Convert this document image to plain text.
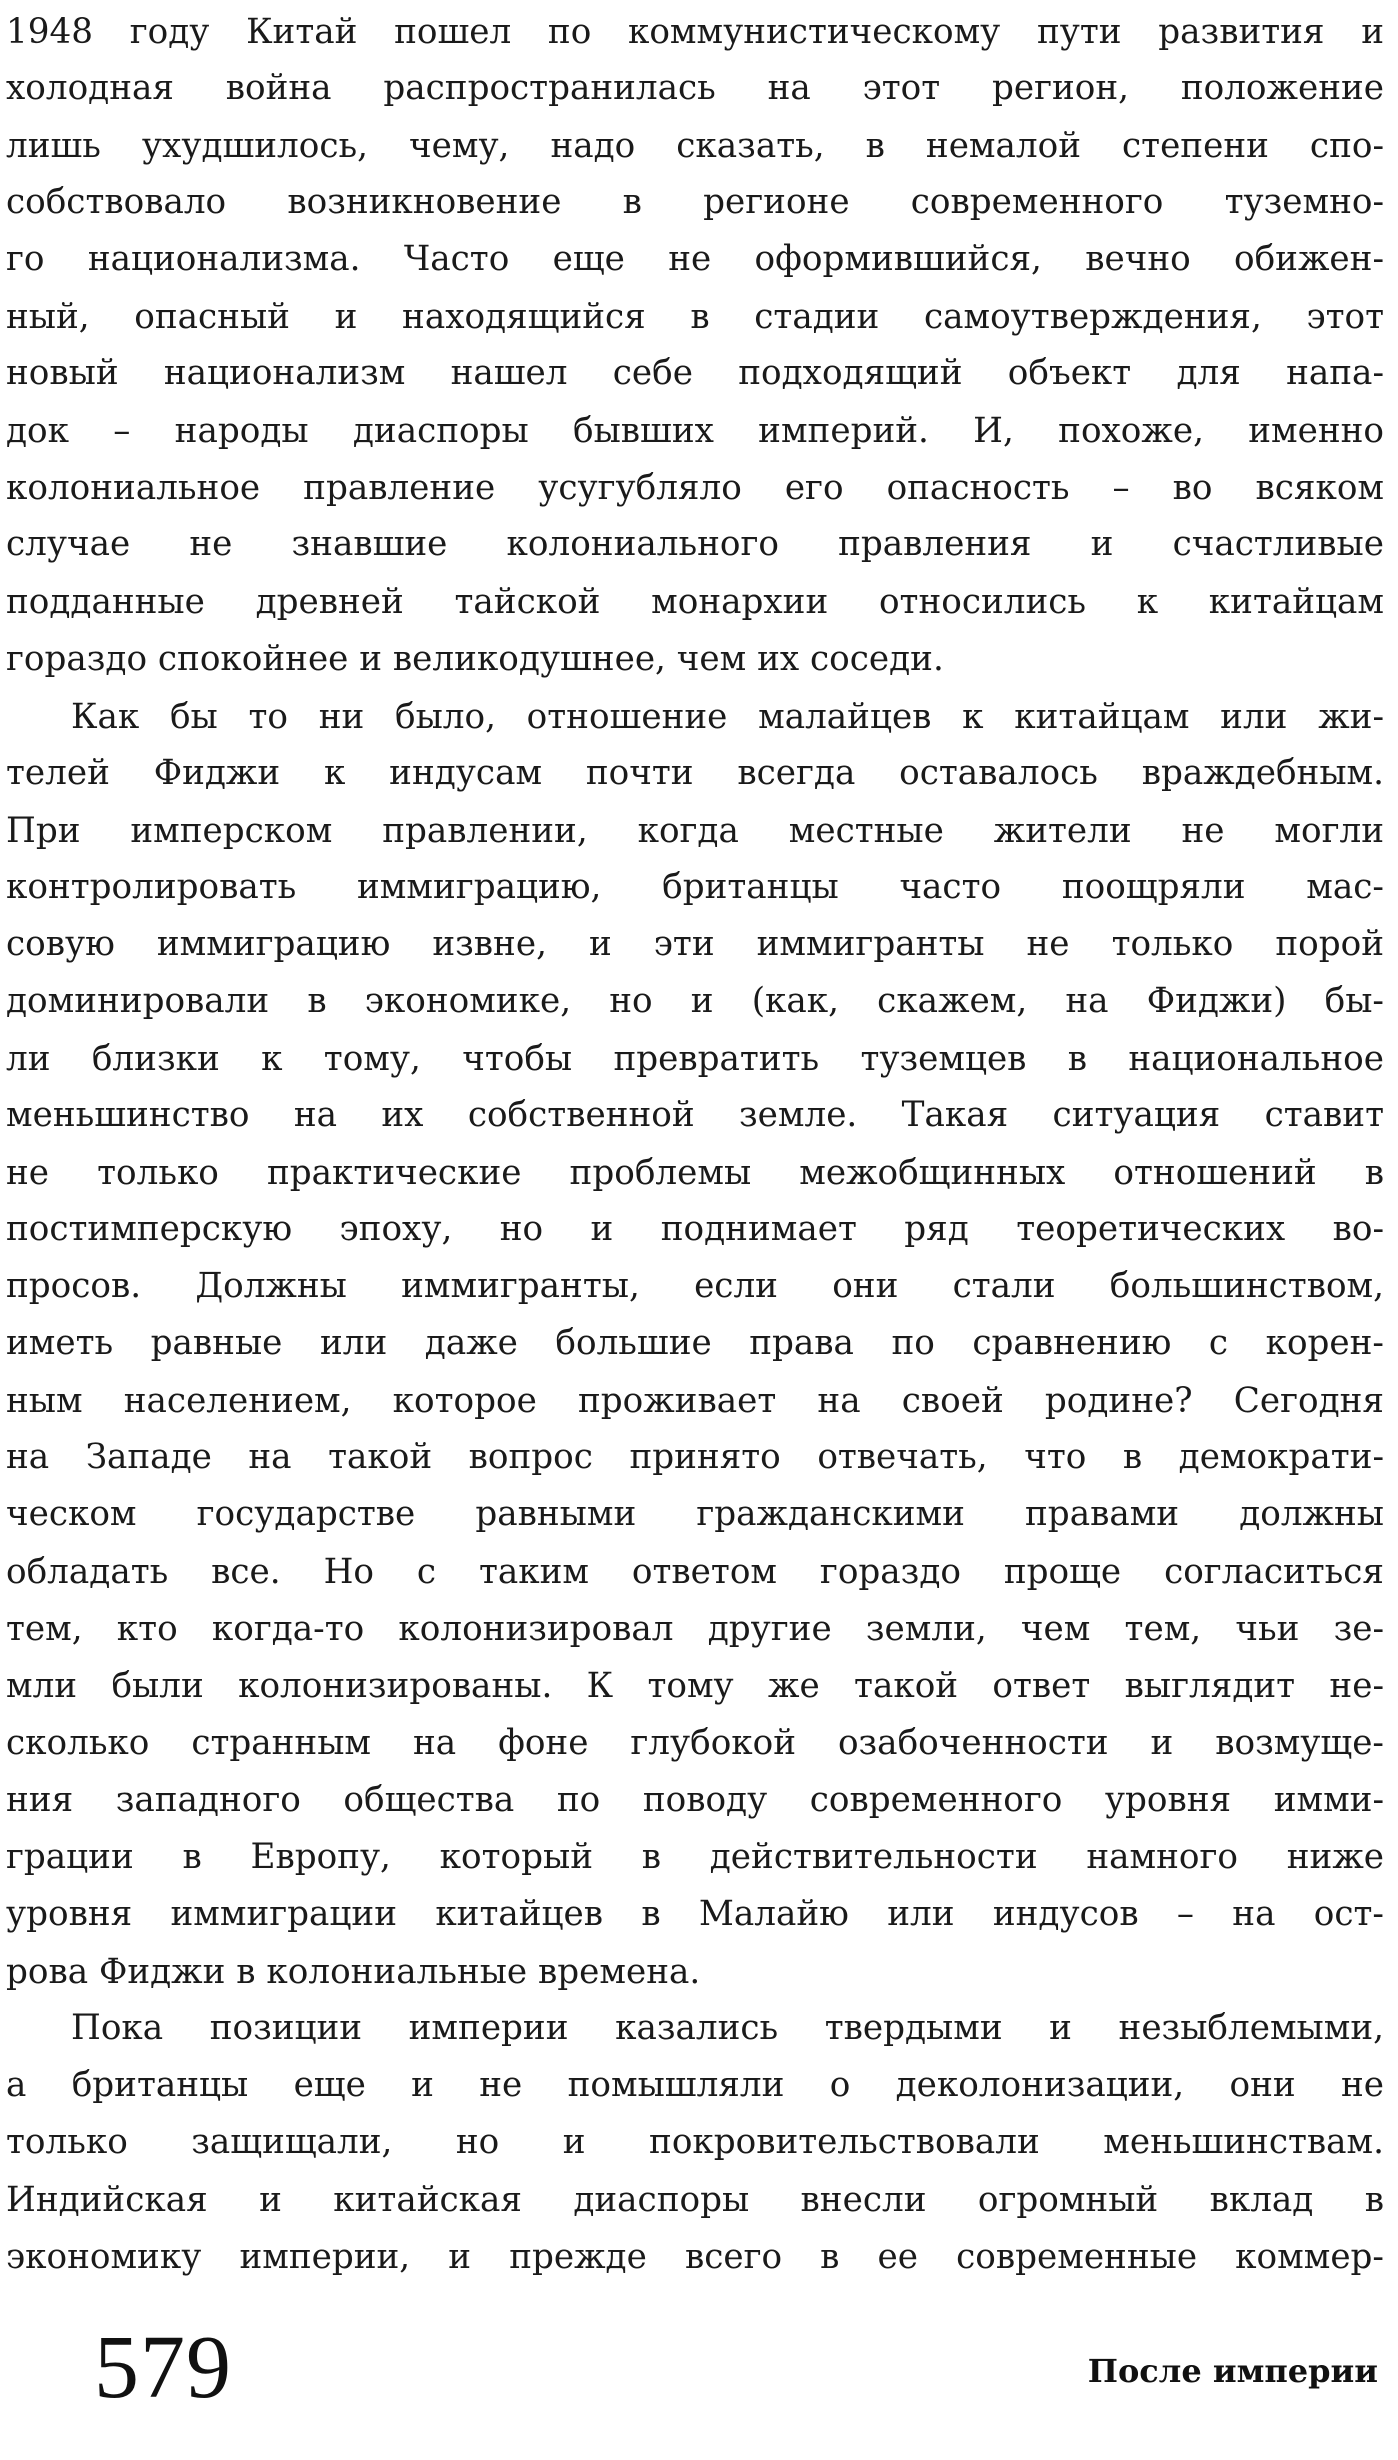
1948 году Китай пошел по коммунистическому пути развития и
холодная война распространилась на этот регион, положение
лишь ухудшилось, чему, надо сказать, в немалой степени спо-
собствовало возникновение в регионе современного туземно-
го национализма. Часто еще не оформившийся, вечно обижен-
ный, опасный и находящийся в стадии самоутверждения, этот
новый национализм нашел себе подходящий объект для напа-
док – народы диаспоры бывших империй. И, похоже, именно
колониальное правление усугубляло его опасность – во всяком
случае не знавшие колониального правления и счастливые
подданные древней тайской монархии относились к китайцам
гораздо спокойнее и великодушнее, чем их соседи.
Как бы то ни было, отношение малайцев к китайцам или жи-
телей Фиджи к индусам почти всегда оставалось враждебным.
При имперском правлении, когда местные жители не могли
контролировать иммиграцию, британцы часто поощряли мас-
совую иммиграцию извне, и эти иммигранты не только порой
доминировали в экономике, но и (как, скажем, на Фиджи) бы-
ли близки к тому, чтобы превратить туземцев в национальное
меньшинство на их собственной земле. Такая ситуация ставит
не только практические проблемы межобщинных отношений в
постимперскую эпоху, но и поднимает ряд теоретических во-
просов. Должны иммигранты, если они стали большинством,
иметь равные или даже большие права по сравнению с корен-
ным населением, которое проживает на своей родине? Сегодня
на Западе на такой вопрос принято отвечать, что в демократи-
ческом государстве равными гражданскими правами должны
обладать все. Но с таким ответом гораздо проще согласиться
тем, кто когда-то колонизировал другие земли, чем тем, чьи зе-
мли были колонизированы. К тому же такой ответ выглядит не-
сколько странным на фоне глубокой озабоченности и возмуще-
ния западного общества по поводу современного уровня имми-
грации в Европу, который в действительности намного ниже
уровня иммиграции китайцев в Малайю или индусов – на ост-
рова Фиджи в колониальные времена.
Пока позиции империи казались твердыми и незыблемыми,
а британцы еще и не помышляли о деколонизации, они не
только защищали, но и покровительствовали меньшинствам.
Индийская и китайская диаспоры внесли огромный вклад в
экономику империи, и прежде всего в ее современные коммер-
579	После империи
